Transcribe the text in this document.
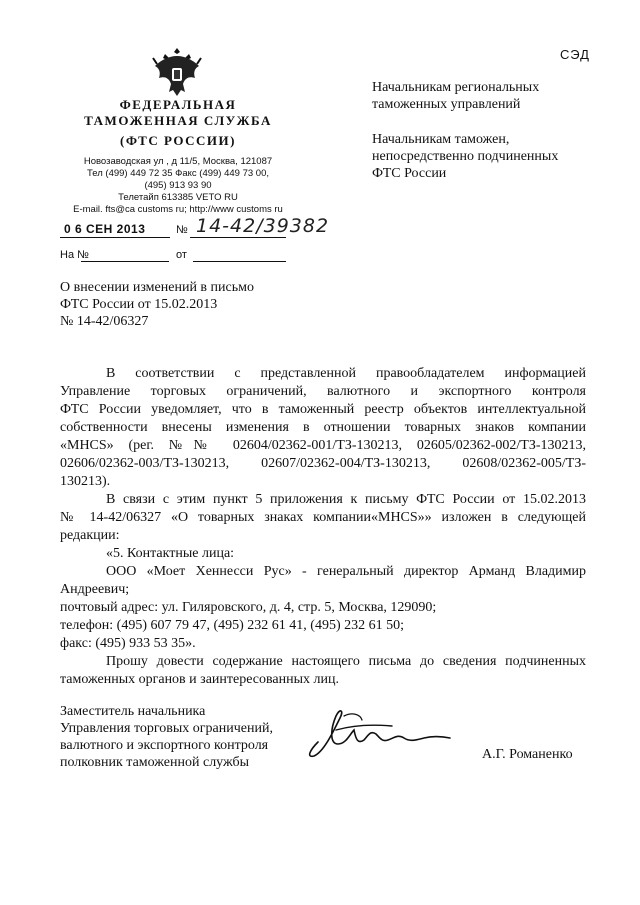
СЭД
ФЕДЕРАЛЬНАЯ
ТАМОЖЕННАЯ СЛУЖБА
(ФТС РОССИИ)
Новозаводская ул , д 11/5, Москва, 121087
Тел (499) 449 72 35 Факс (499) 449 73 00,
(495) 913 93 90
Телетайп 613385 VETO RU
E-mail. fts@ca customs ru; http://www customs ru
0 6 СЕН 2013	№ 14-42/39382
На №	от
Начальникам региональных
таможенных управлений
Начальникам таможен,
непосредственно подчиненных
ФТС России
О внесении изменений в письмо
ФТС России от 15.02.2013
№ 14-42/06327
В соответствии с представленной правообладателем информацией
Управление торговых ограничений, валютного и экспортного контроля
ФТС России уведомляет, что в таможенный реестр объектов интеллектуальной
собственности внесены изменения в отношении товарных знаков компании
«MHCS» (рег. №№ 02604/02362-001/ТЗ-130213, 02605/02362-002/ТЗ-130213,
02606/02362-003/ТЗ-130213, 02607/02362-004/ТЗ-130213, 02608/02362-005/ТЗ-
130213).
В связи с этим пункт 5 приложения к письму ФТС России от 15.02.2013
№ 14-42/06327 «О товарных знаках компании«MHCS»» изложен в следующей
редакции:
«5. Контактные лица:
ООО «Моет Хеннесси Рус» - генеральный директор Арманд Владимир
Андреевич;
почтовый адрес: ул. Гиляровского, д. 4, стр. 5, Москва, 129090;
телефон: (495) 607 79 47, (495) 232 61 41, (495) 232 61 50;
факс: (495) 933 53 35».
Прошу довести содержание настоящего письма до сведения подчиненных
таможенных органов и заинтересованных лиц.
Заместитель начальника
Управления торговых ограничений,
валютного и экспортного контроля
полковник таможенной службы
А.Г. Романенко
